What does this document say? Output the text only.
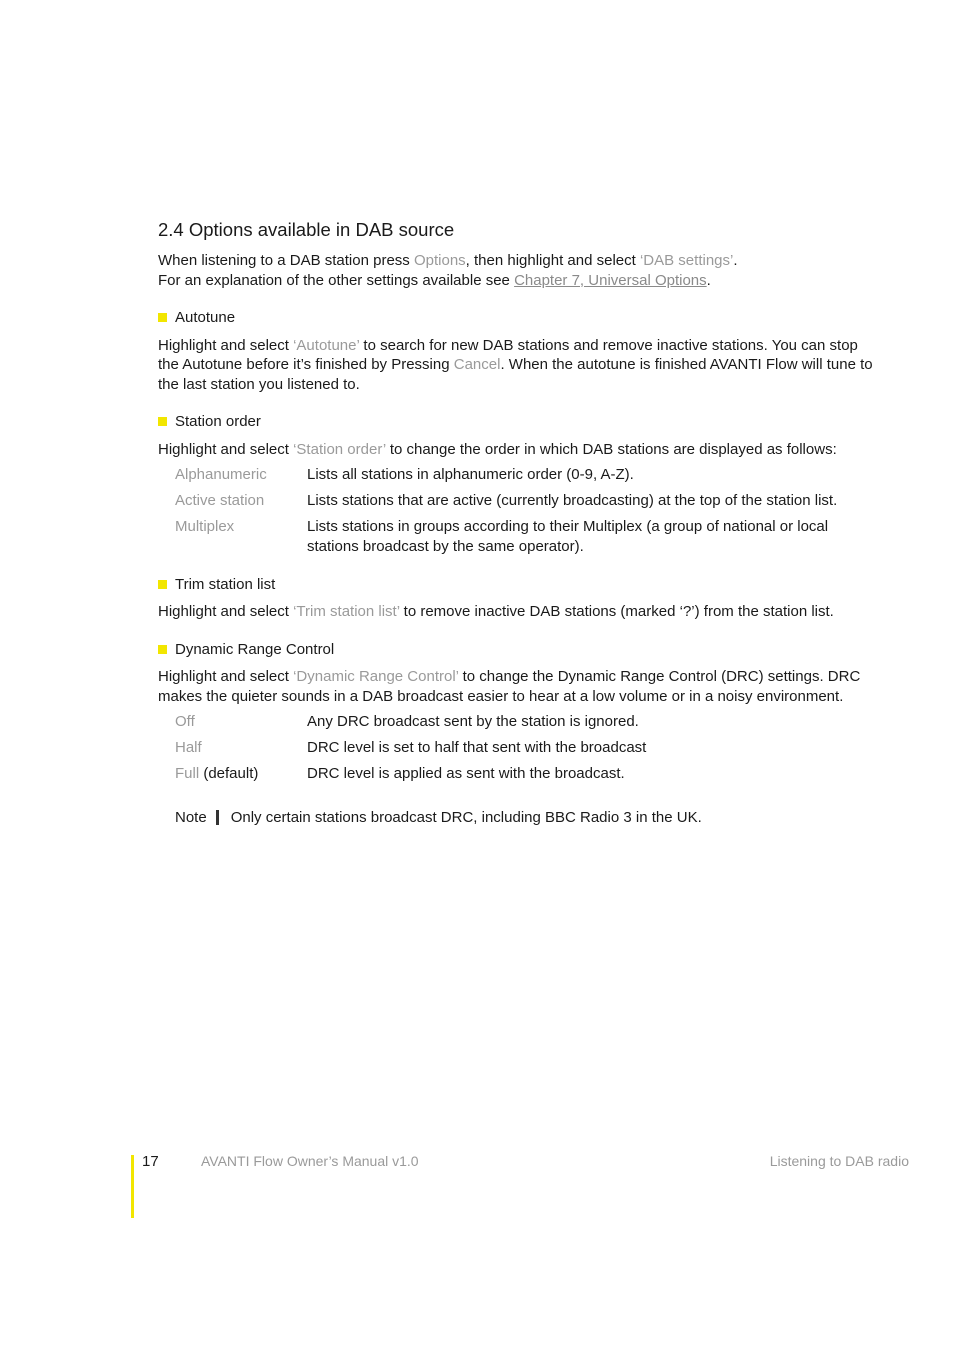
2.4 Options available in DAB source

When listening to a DAB station press Options, then highlight and select ‘DAB settings’.
For an explanation of the other settings available see Chapter 7, Universal Options.

Autotune

Highlight and select ‘Autotune’ to search for new DAB stations and remove inactive stations. You can stop the Autotune before it’s finished by Pressing Cancel. When the autotune is finished AVANTI Flow will tune to the last station you listened to.

Station order

Highlight and select ‘Station order’ to change the order in which DAB stations are displayed as follows:

Alphanumeric	Lists all stations in alphanumeric order (0-9, A-Z).
Active station	Lists stations that are active (currently broadcasting) at the top of the station list.
Multiplex	Lists stations in groups according to their Multiplex (a group of national or local stations broadcast by the same operator).
Trim station list

Highlight and select ‘Trim station list’ to remove inactive DAB stations (marked ‘?’) from the station list.

Dynamic Range Control

Highlight and select ‘Dynamic Range Control’ to change the Dynamic Range Control (DRC) settings. DRC makes the quieter sounds in a DAB broadcast easier to hear at a low volume or in a noisy environment.

Off	Any DRC broadcast sent by the station is ignored.
Half	DRC level is set to half that sent with the broadcast
Full (default)	DRC level is applied as sent with the broadcast.
Note	Only certain stations broadcast DRC, including BBC Radio 3 in the UK.
17	AVANTI Flow Owner’s Manual v1.0	Listening to DAB radio
